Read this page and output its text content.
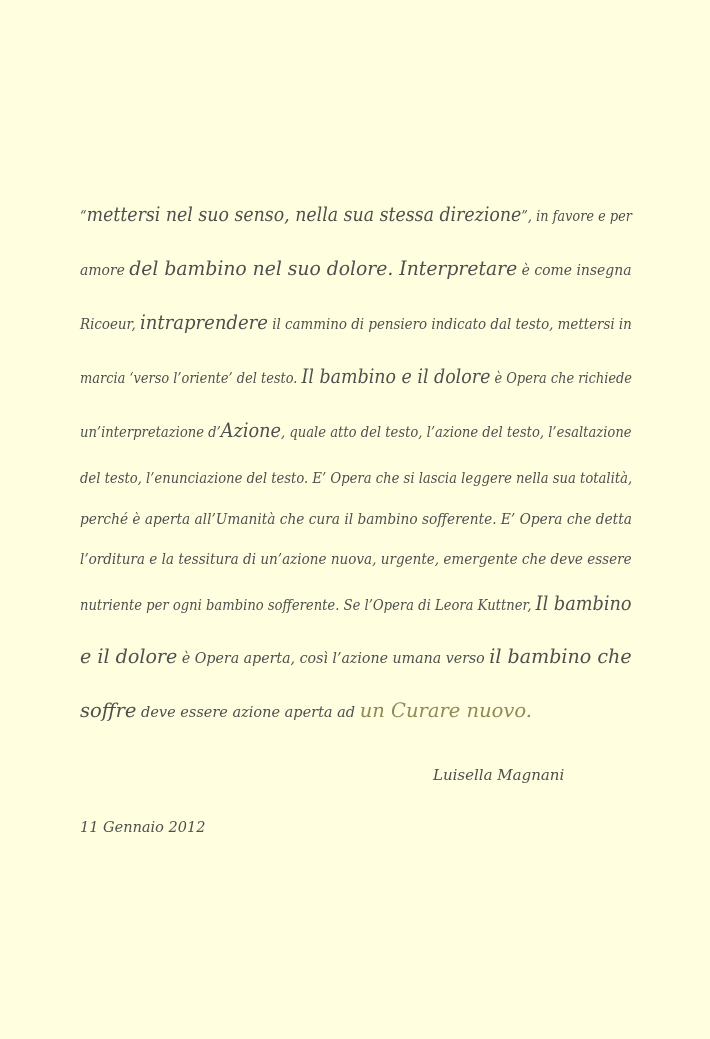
“mettersi nel suo senso, nella sua stessa direzione”, in favore e per
amore del bambino nel suo dolore. Interpretare è come insegna
Ricoeur, intraprendere il cammino di pensiero indicato dal testo, mettersi in
marcia ‘verso l’oriente’ del testo. Il bambino e il dolore è Opera che richiede
un’interpretazione d’Azione, quale atto del testo, l’azione del testo, l’esaltazione
del testo, l’enunciazione del testo. E’ Opera che si lascia leggere nella sua totalità,
perché è aperta all’Umanità che cura il bambino sofferente. E’ Opera che detta
l’orditura e la tessitura di un’azione nuova, urgente, emergente che deve essere
nutriente per ogni bambino sofferente. Se l’Opera di Leora Kuttner, Il bambino
e il dolore è Opera aperta, così l’azione umana verso il bambino che
soffre deve essere azione aperta ad un Curare nuovo.
Luisella Magnani
11 Gennaio 2012
